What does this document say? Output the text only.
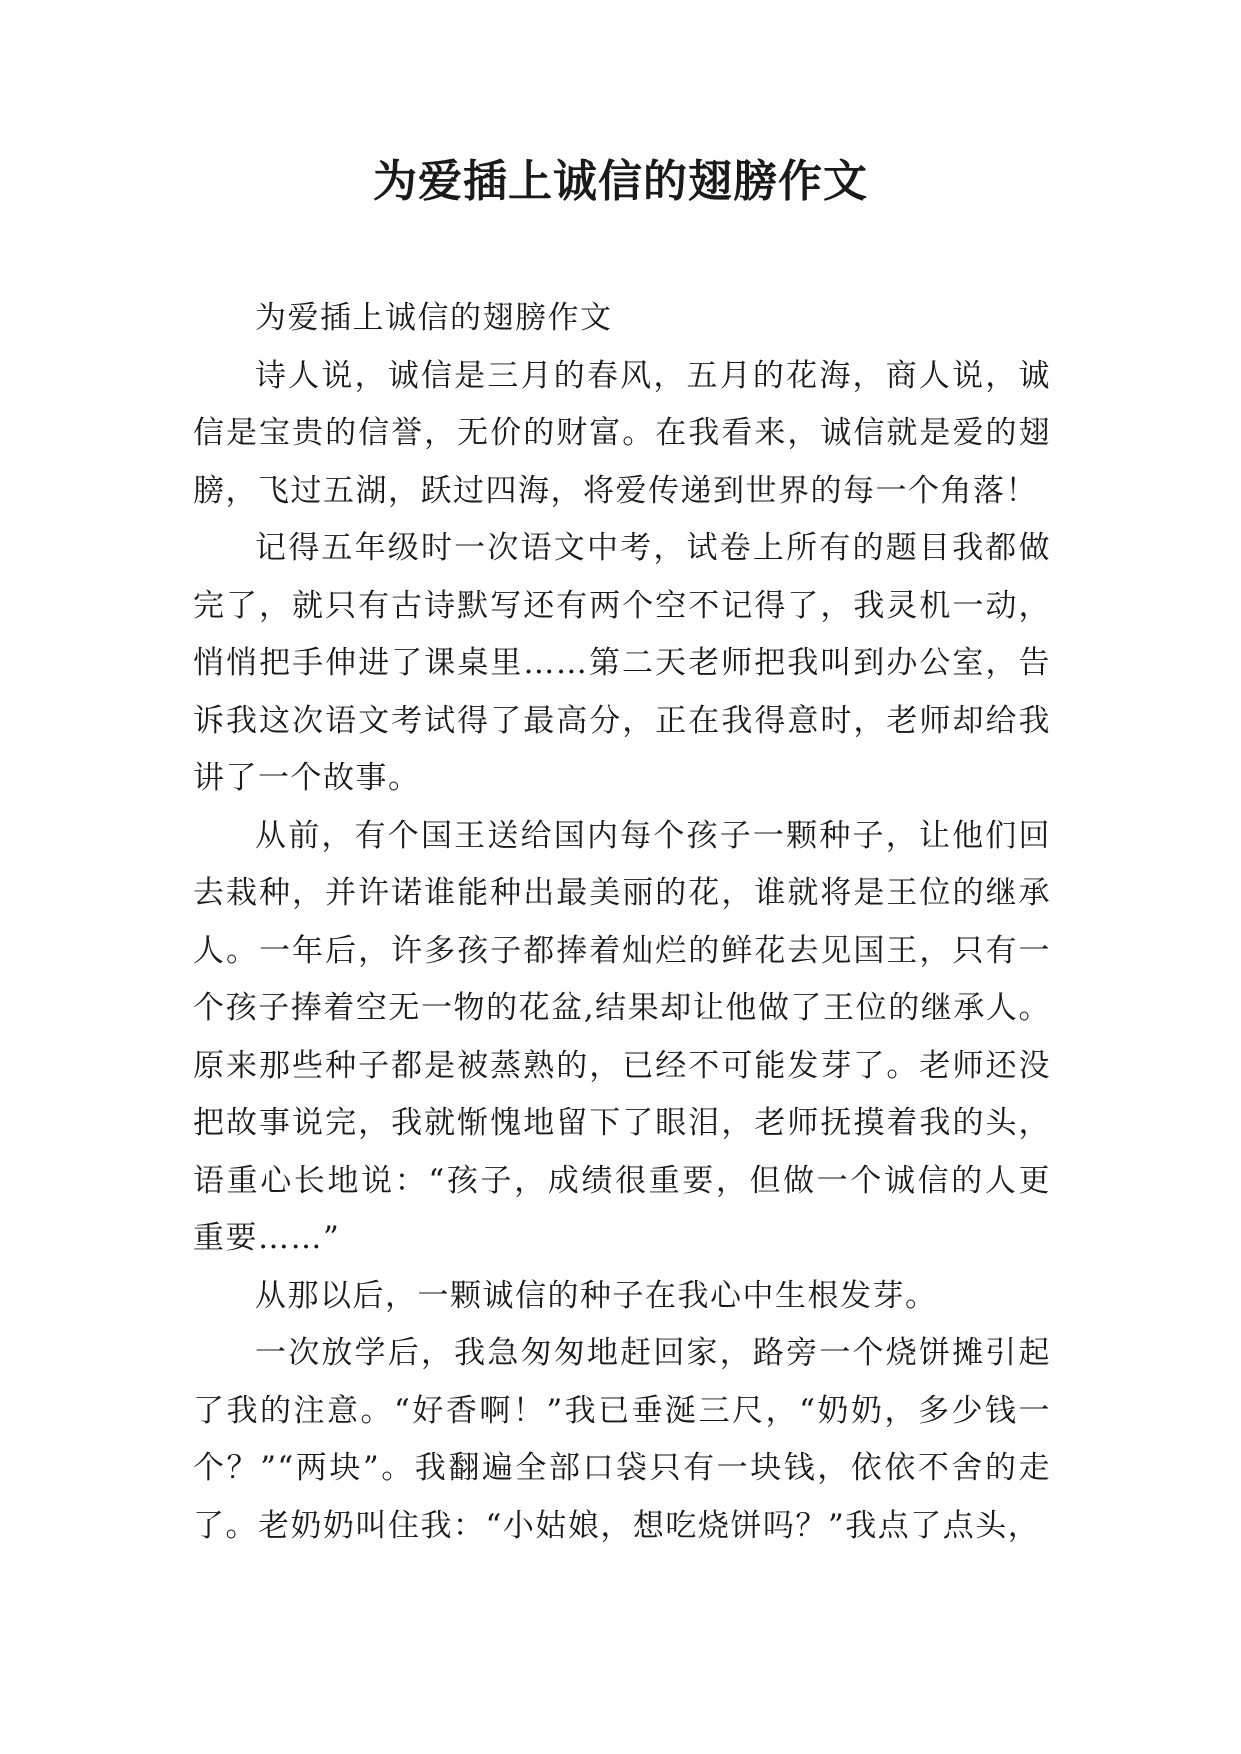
为爱插上诚信的翅膀作文

为爱插上诚信的翅膀作文

诗人说，诚信是三月的春风，五月的花海，商人说，诚信是宝贵的信誉，无价的财富。在我看来，诚信就是爱的翅膀，飞过五湖，跃过四海，将爱传递到世界的每一个角落！

记得五年级时一次语文中考，试卷上所有的题目我都做完了，就只有古诗默写还有两个空不记得了，我灵机一动，悄悄把手伸进了课桌里……第二天老师把我叫到办公室，告诉我这次语文考试得了最高分，正在我得意时，老师却给我讲了一个故事。

从前，有个国王送给国内每个孩子一颗种子，让他们回去栽种，并许诺谁能种出最美丽的花，谁就将是王位的继承人。一年后，许多孩子都捧着灿烂的鲜花去见国王，只有一个孩子捧着空无一物的花盆,结果却让他做了王位的继承人。原来那些种子都是被蒸熟的，已经不可能发芽了。老师还没把故事说完，我就惭愧地留下了眼泪，老师抚摸着我的头，语重心长地说：“孩子，成绩很重要，但做一个诚信的人更重要……”

从那以后，一颗诚信的种子在我心中生根发芽。

一次放学后，我急匆匆地赶回家，路旁一个烧饼摊引起了我的注意。“好香啊！”我已垂涎三尺，“奶奶，多少钱一个？”“两块”。我翻遍全部口袋只有一块钱，依依不舍的走了。老奶奶叫住我：“小姑娘，想吃烧饼吗？”我点了点头，
